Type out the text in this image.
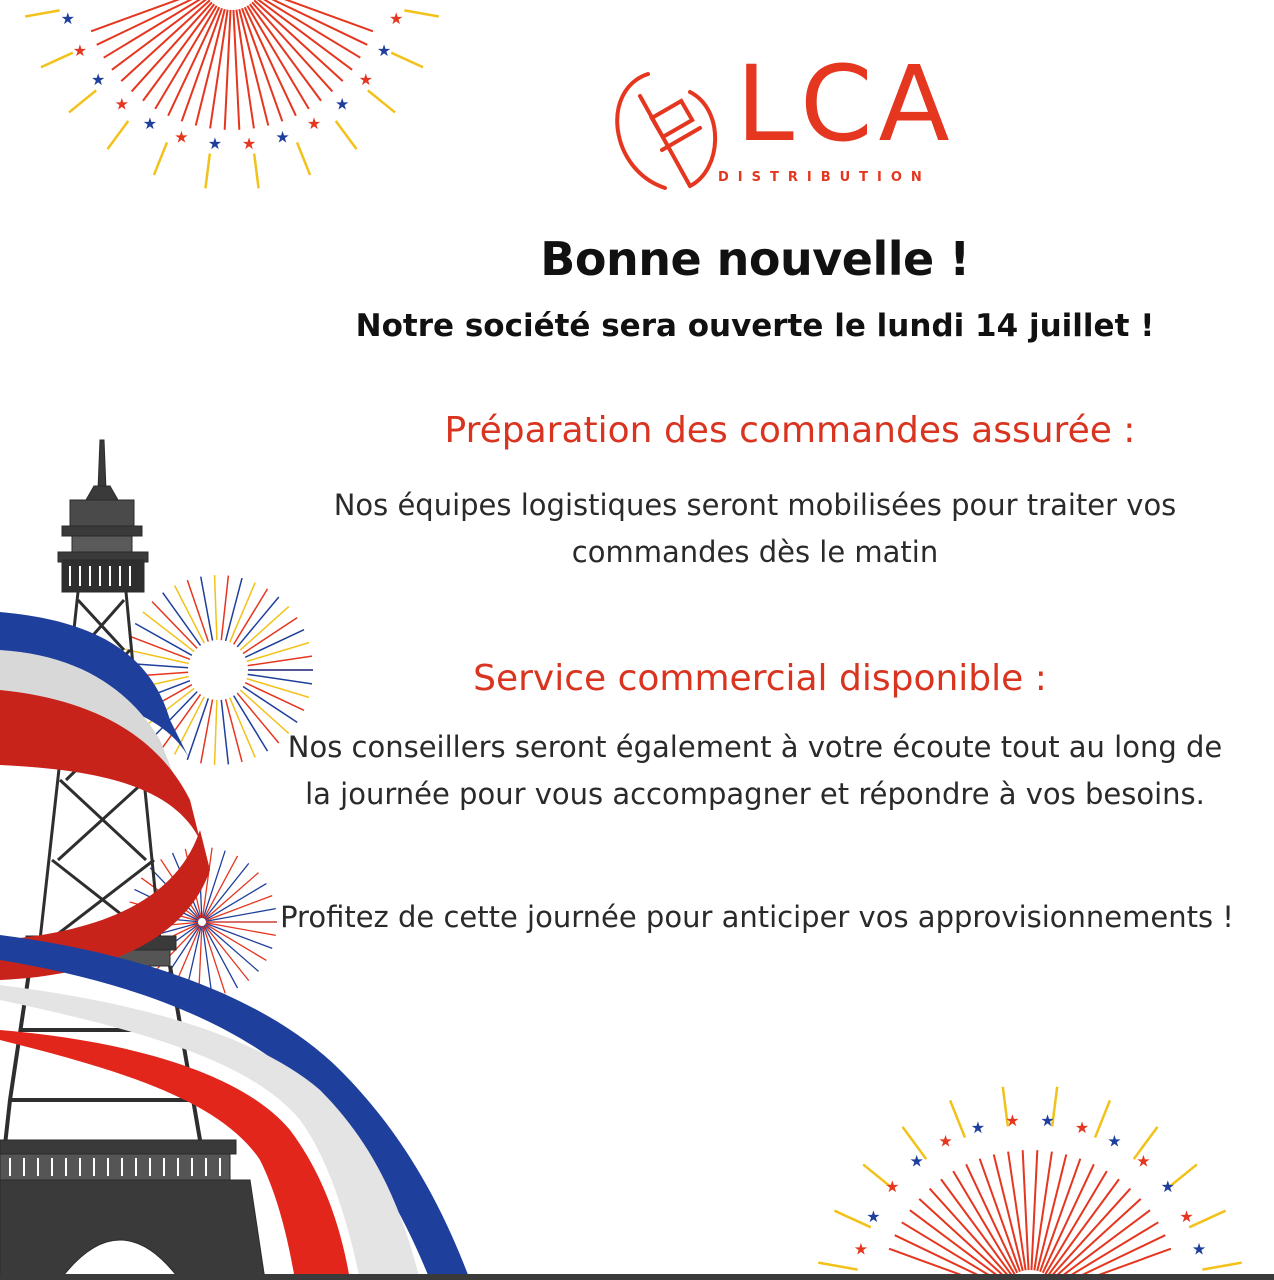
★
★
★
★
★
★
★
★
★
★
★
★
★
★
★
★
★
★
★
★ ★ ★ ★
★
★
★
★
★
LCA
DISTRIBUTION
Bonne nouvelle !
Notre société sera ouverte le lundi 14 juillet !
Préparation des commandes assurée :
Nos équipes logistiques seront mobilisées pour traiter vos
commandes dès le matin
Service commercial disponible :
Nos conseillers seront également à votre écoute tout au long de
la journée pour vous accompagner et répondre à vos besoins.
Profitez de cette journée pour anticiper vos approvisionnements !
